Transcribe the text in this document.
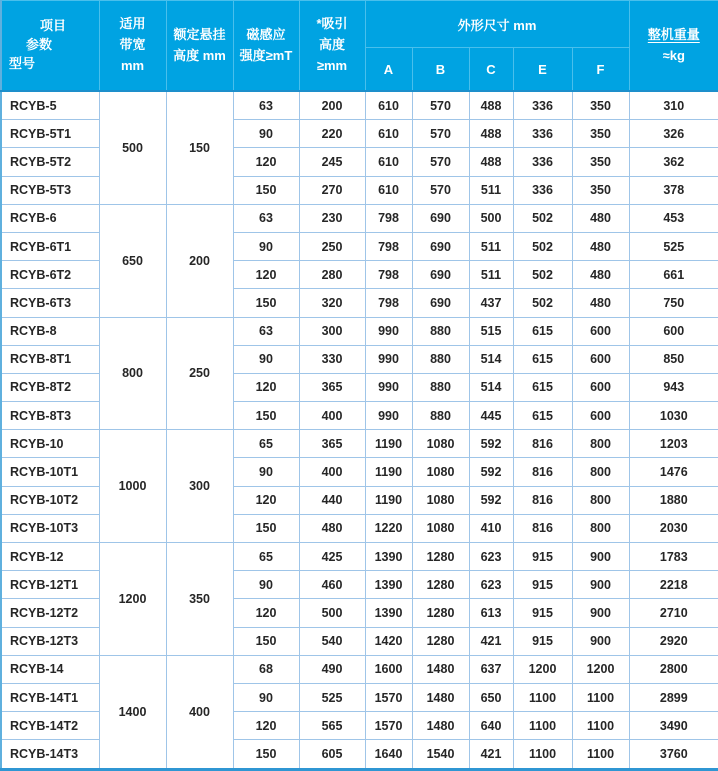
项目
参数
型号	适用
带宽
mm	额定悬挂
高度 mm	磁感应
强度≥mT	*吸引
高度
≥mm	外形尺寸 mm					整机重量
≈kg

					A	B	C	E	F	
RCYB-5	500	150	63	200	610	570	488	336	350	310
RCYB-5T1			90	220	610	570	488	336	350	326
RCYB-5T2			120	245	610	570	488	336	350	362
RCYB-5T3			150	270	610	570	511	336	350	378
RCYB-6	650	200	63	230	798	690	500	502	480	453
RCYB-6T1			90	250	798	690	511	502	480	525
RCYB-6T2			120	280	798	690	511	502	480	661
RCYB-6T3			150	320	798	690	437	502	480	750
RCYB-8	800	250	63	300	990	880	515	615	600	600
RCYB-8T1			90	330	990	880	514	615	600	850
RCYB-8T2			120	365	990	880	514	615	600	943
RCYB-8T3			150	400	990	880	445	615	600	1030
RCYB-10	1000	300	65	365	1190	1080	592	816	800	1203
RCYB-10T1			90	400	1190	1080	592	816	800	1476
RCYB-10T2			120	440	1190	1080	592	816	800	1880
RCYB-10T3			150	480	1220	1080	410	816	800	2030
RCYB-12	1200	350	65	425	1390	1280	623	915	900	1783
RCYB-12T1			90	460	1390	1280	623	915	900	2218
RCYB-12T2			120	500	1390	1280	613	915	900	2710
RCYB-12T3			150	540	1420	1280	421	915	900	2920
RCYB-14	1400	400	68	490	1600	1480	637	1200	1200	2800
RCYB-14T1			90	525	1570	1480	650	1100	1100	2899
RCYB-14T2			120	565	1570	1480	640	1100	1100	3490
RCYB-14T3			150	605	1640	1540	421	1100	1100	3760
